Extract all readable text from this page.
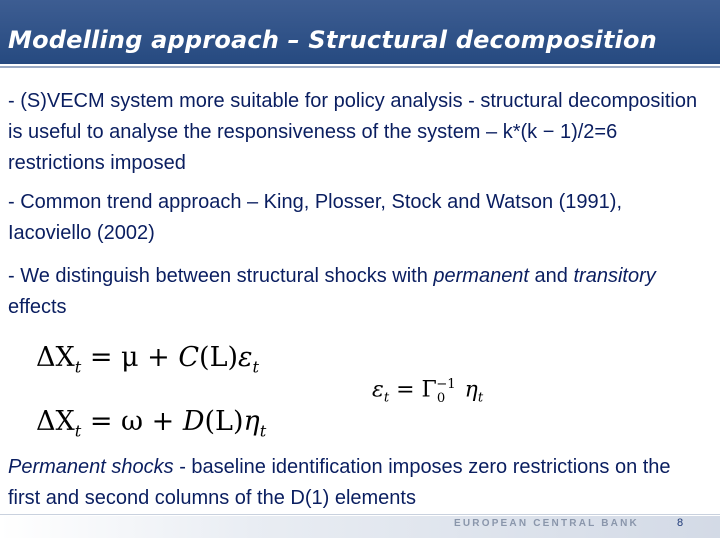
Modelling approach – Structural decomposition
- (S)VECM system more suitable for policy analysis - structural decomposition is useful to analyse the responsiveness of the system – k*(k − 1)/2=6 restrictions imposed
- Common trend approach – King, Plosser, Stock and Watson (1991), Iacoviello (2002)
- We distinguish between structural shocks with permanent and transitory effects
$\Delta X_t = \mu + C(L)\varepsilon_t$
$\Delta X_t = \omega + D(L)\eta_t$
$\varepsilon_t = \Gamma_0^{-1}$ $\eta_t$
Permanent shocks - baseline identification imposes zero restrictions on the first and second columns of the D(1) elements
EUROPEAN CENTRAL BANK	8
